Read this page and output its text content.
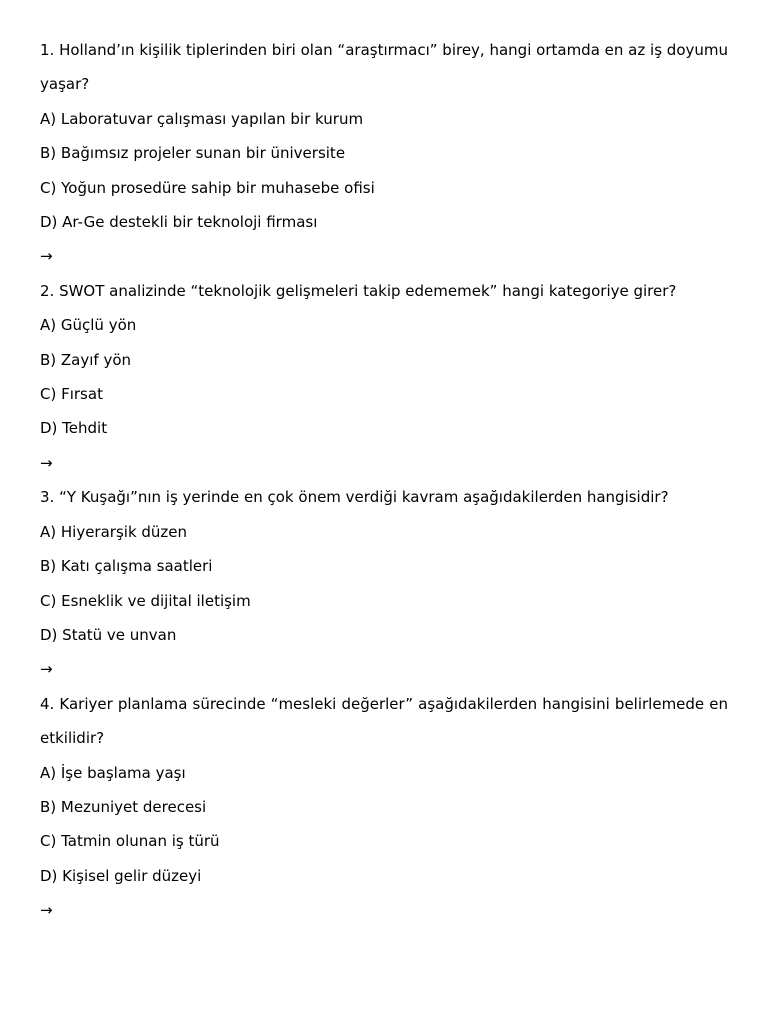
1. Holland’ın kişilik tiplerinden biri olan “araştırmacı” birey, hangi ortamda en az iş doyumu yaşar?
A) Laboratuvar çalışması yapılan bir kurum
B) Bağımsız projeler sunan bir üniversite
C) Yoğun prosedüre sahip bir muhasebe ofisi
D) Ar-Ge destekli bir teknoloji firması
→
2. SWOT analizinde “teknolojik gelişmeleri takip edememek” hangi kategoriye girer?
A) Güçlü yön
B) Zayıf yön
C) Fırsat
D) Tehdit
→
3. “Y Kuşağı”nın iş yerinde en çok önem verdiği kavram aşağıdakilerden hangisidir?
A) Hiyerarşik düzen
B) Katı çalışma saatleri
C) Esneklik ve dijital iletişim
D) Statü ve unvan
→
4. Kariyer planlama sürecinde “mesleki değerler” aşağıdakilerden hangisini belirlemede en etkilidir?
A) İşe başlama yaşı
B) Mezuniyet derecesi
C) Tatmin olunan iş türü
D) Kişisel gelir düzeyi
→
